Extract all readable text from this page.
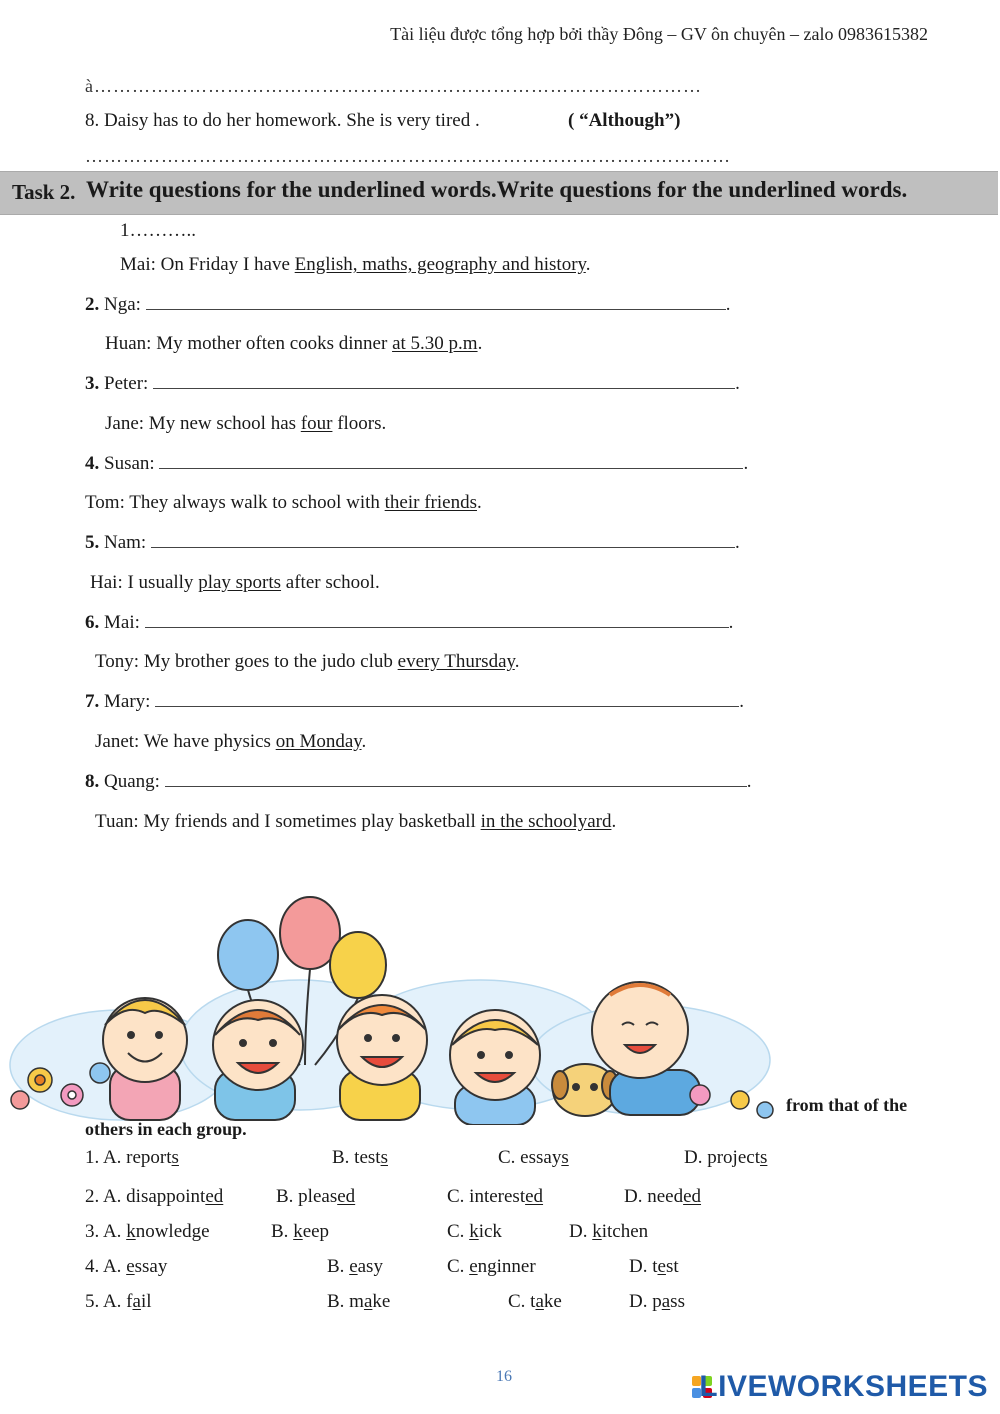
Tài liệu được tổng hợp bởi thầy Đông – GV ôn chuyên – zalo 0983615382
à……………………………………………………………………………………
8. Daisy has to do her homework. She is very tired .	( “Although”)
…………………………………………………………………………………………
Task 2. Write questions for the underlined words.Write questions for the underlined words.
1………..
Mai: On Friday I have English, maths, geography and history.
2. Nga:	.
Huan: My mother often cooks dinner at 5.30 p.m.
3. Peter:	.
Jane: My new school has four floors.
4. Susan:	.
Tom: They always walk to school with their friends.
5. Nam:	.
Hai: I usually play sports after school.
6. Mai:	.
Tony: My brother goes to the judo club every Thursday.
7. Mary:	.
Janet: We have physics on Monday.
8. Quang:	.
Tuan: My friends and I sometimes play basketball in the schoolyard.
from that of the
others in each group.
1. A. reports	B. tests	C. essays	D. projects
2. A. disappointed	B. pleased	C. interested	D. needed
3. A. knowledge	B. keep	C. kick	D. kitchen
4. A. essay	B. easy	C. enginner	D. test
5. A. fail	B. make	C. take	D. pass
16	LIVEWORKSHEETS
